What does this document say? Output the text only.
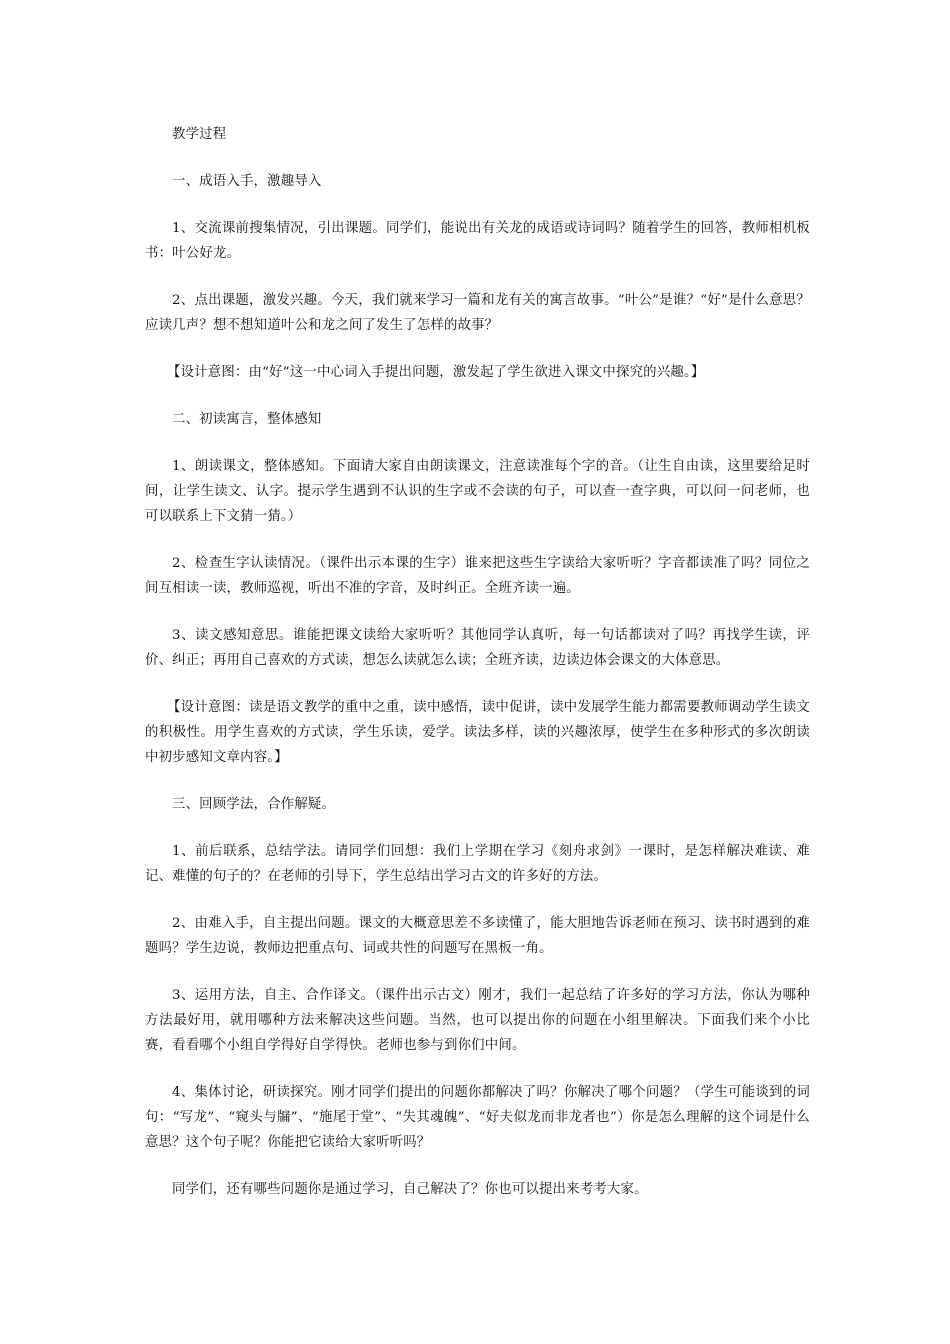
教学过程

一、成语入手，激趣导入

1、交流课前搜集情况，引出课题。同学们，能说出有关龙的成语或诗词吗？随着学生的回答，教师相机板书：叶公好龙。

2、点出课题，激发兴趣。今天，我们就来学习一篇和龙有关的寓言故事。“叶公”是谁？“好”是什么意思？应读几声？想不想知道叶公和龙之间了发生了怎样的故事？

【设计意图：由“好”这一中心词入手提出问题，激发起了学生欲进入课文中探究的兴趣。】

二、初读寓言，整体感知

1、朗读课文，整体感知。下面请大家自由朗读课文，注意读准每个字的音。（让生自由读，这里要给足时间，让学生读文、认字。提示学生遇到不认识的生字或不会读的句子，可以查一查字典，可以问一问老师，也可以联系上下文猜一猜。）

2、检查生字认读情况。（课件出示本课的生字）谁来把这些生字读给大家听听？字音都读准了吗？同位之间互相读一读，教师巡视，听出不准的字音，及时纠正。全班齐读一遍。

3、读文感知意思。谁能把课文读给大家听听？其他同学认真听，每一句话都读对了吗？再找学生读，评价、纠正；再用自己喜欢的方式读，想怎么读就怎么读；全班齐读，边读边体会课文的大体意思。

【设计意图：读是语文教学的重中之重，读中感悟，读中促讲，读中发展学生能力都需要教师调动学生读文的积极性。用学生喜欢的方式读，学生乐读，爱学。读法多样，读的兴趣浓厚，使学生在多种形式的多次朗读中初步感知文章内容。】

三、回顾学法，合作解疑。

1、前后联系，总结学法。请同学们回想：我们上学期在学习《刻舟求剑》一课时，是怎样解决难读、难记、难懂的句子的？在老师的引导下，学生总结出学习古文的许多好的方法。

2、由难入手，自主提出问题。课文的大概意思差不多读懂了，能大胆地告诉老师在预习、读书时遇到的难题吗？学生边说，教师边把重点句、词或共性的问题写在黑板一角。

3、运用方法，自主、合作译文。（课件出示古文）刚才，我们一起总结了许多好的学习方法，你认为哪种方法最好用，就用哪种方法来解决这些问题。当然，也可以提出你的问题在小组里解决。下面我们来个小比赛，看看哪个小组自学得好自学得快。老师也参与到你们中间。

4、集体讨论，研读探究。刚才同学们提出的问题你都解决了吗？你解决了哪个问题？（学生可能谈到的词句：“写龙”、“窥头与牖”、“施尾于堂”、“失其魂魄”、“好夫似龙而非龙者也”）你是怎么理解的这个词是什么意思？这个句子呢？你能把它读给大家听听吗？

同学们，还有哪些问题你是通过学习，自己解决了？你也可以提出来考考大家。
